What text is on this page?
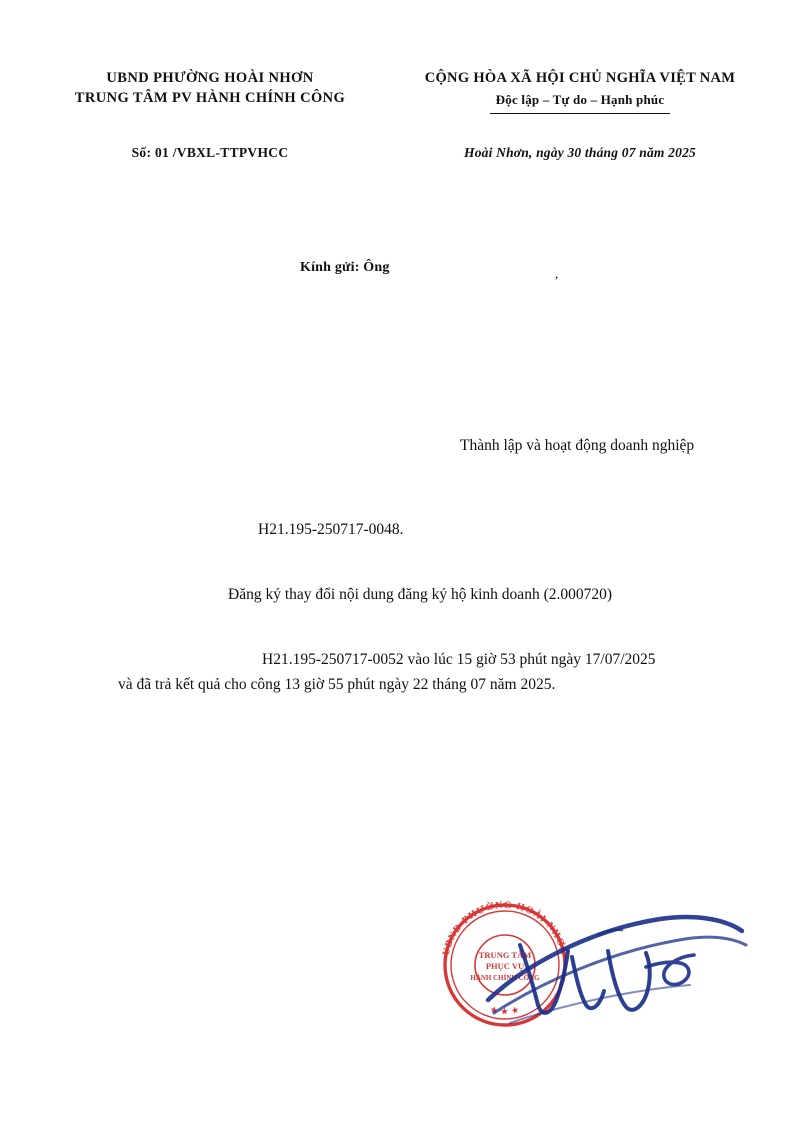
UBND PHƯỜNG HOÀI NHƠN
TRUNG TÂM PV HÀNH CHÍNH CÔNG
CỘNG HÒA XÃ HỘI CHỦ NGHĨA VIỆT NAM
Độc lập – Tự do – Hạnh phúc
Số: 01 /VBXL-TTPVHCC	Hoài Nhơn, ngày 30 tháng 07 năm 2025
Kính gửi: Ông	,
Thành lập và hoạt động doanh nghiệp
H21.195-250717-0048.
Đăng ký thay đổi nội dung đăng ký hộ kinh doanh (2.000720)
H21.195-250717-0052 vào lúc 15 giờ 53 phút ngày 17/07/2025
và đã trả kết quả cho công 13 giờ 55 phút ngày 22 tháng 07 năm 2025.
UBND PHƯỜNG HOÀI NHƠN
★ ★ ★
TRUNG TÂM
PHỤC VỤ
HÀNH CHÍNH CÔNG
